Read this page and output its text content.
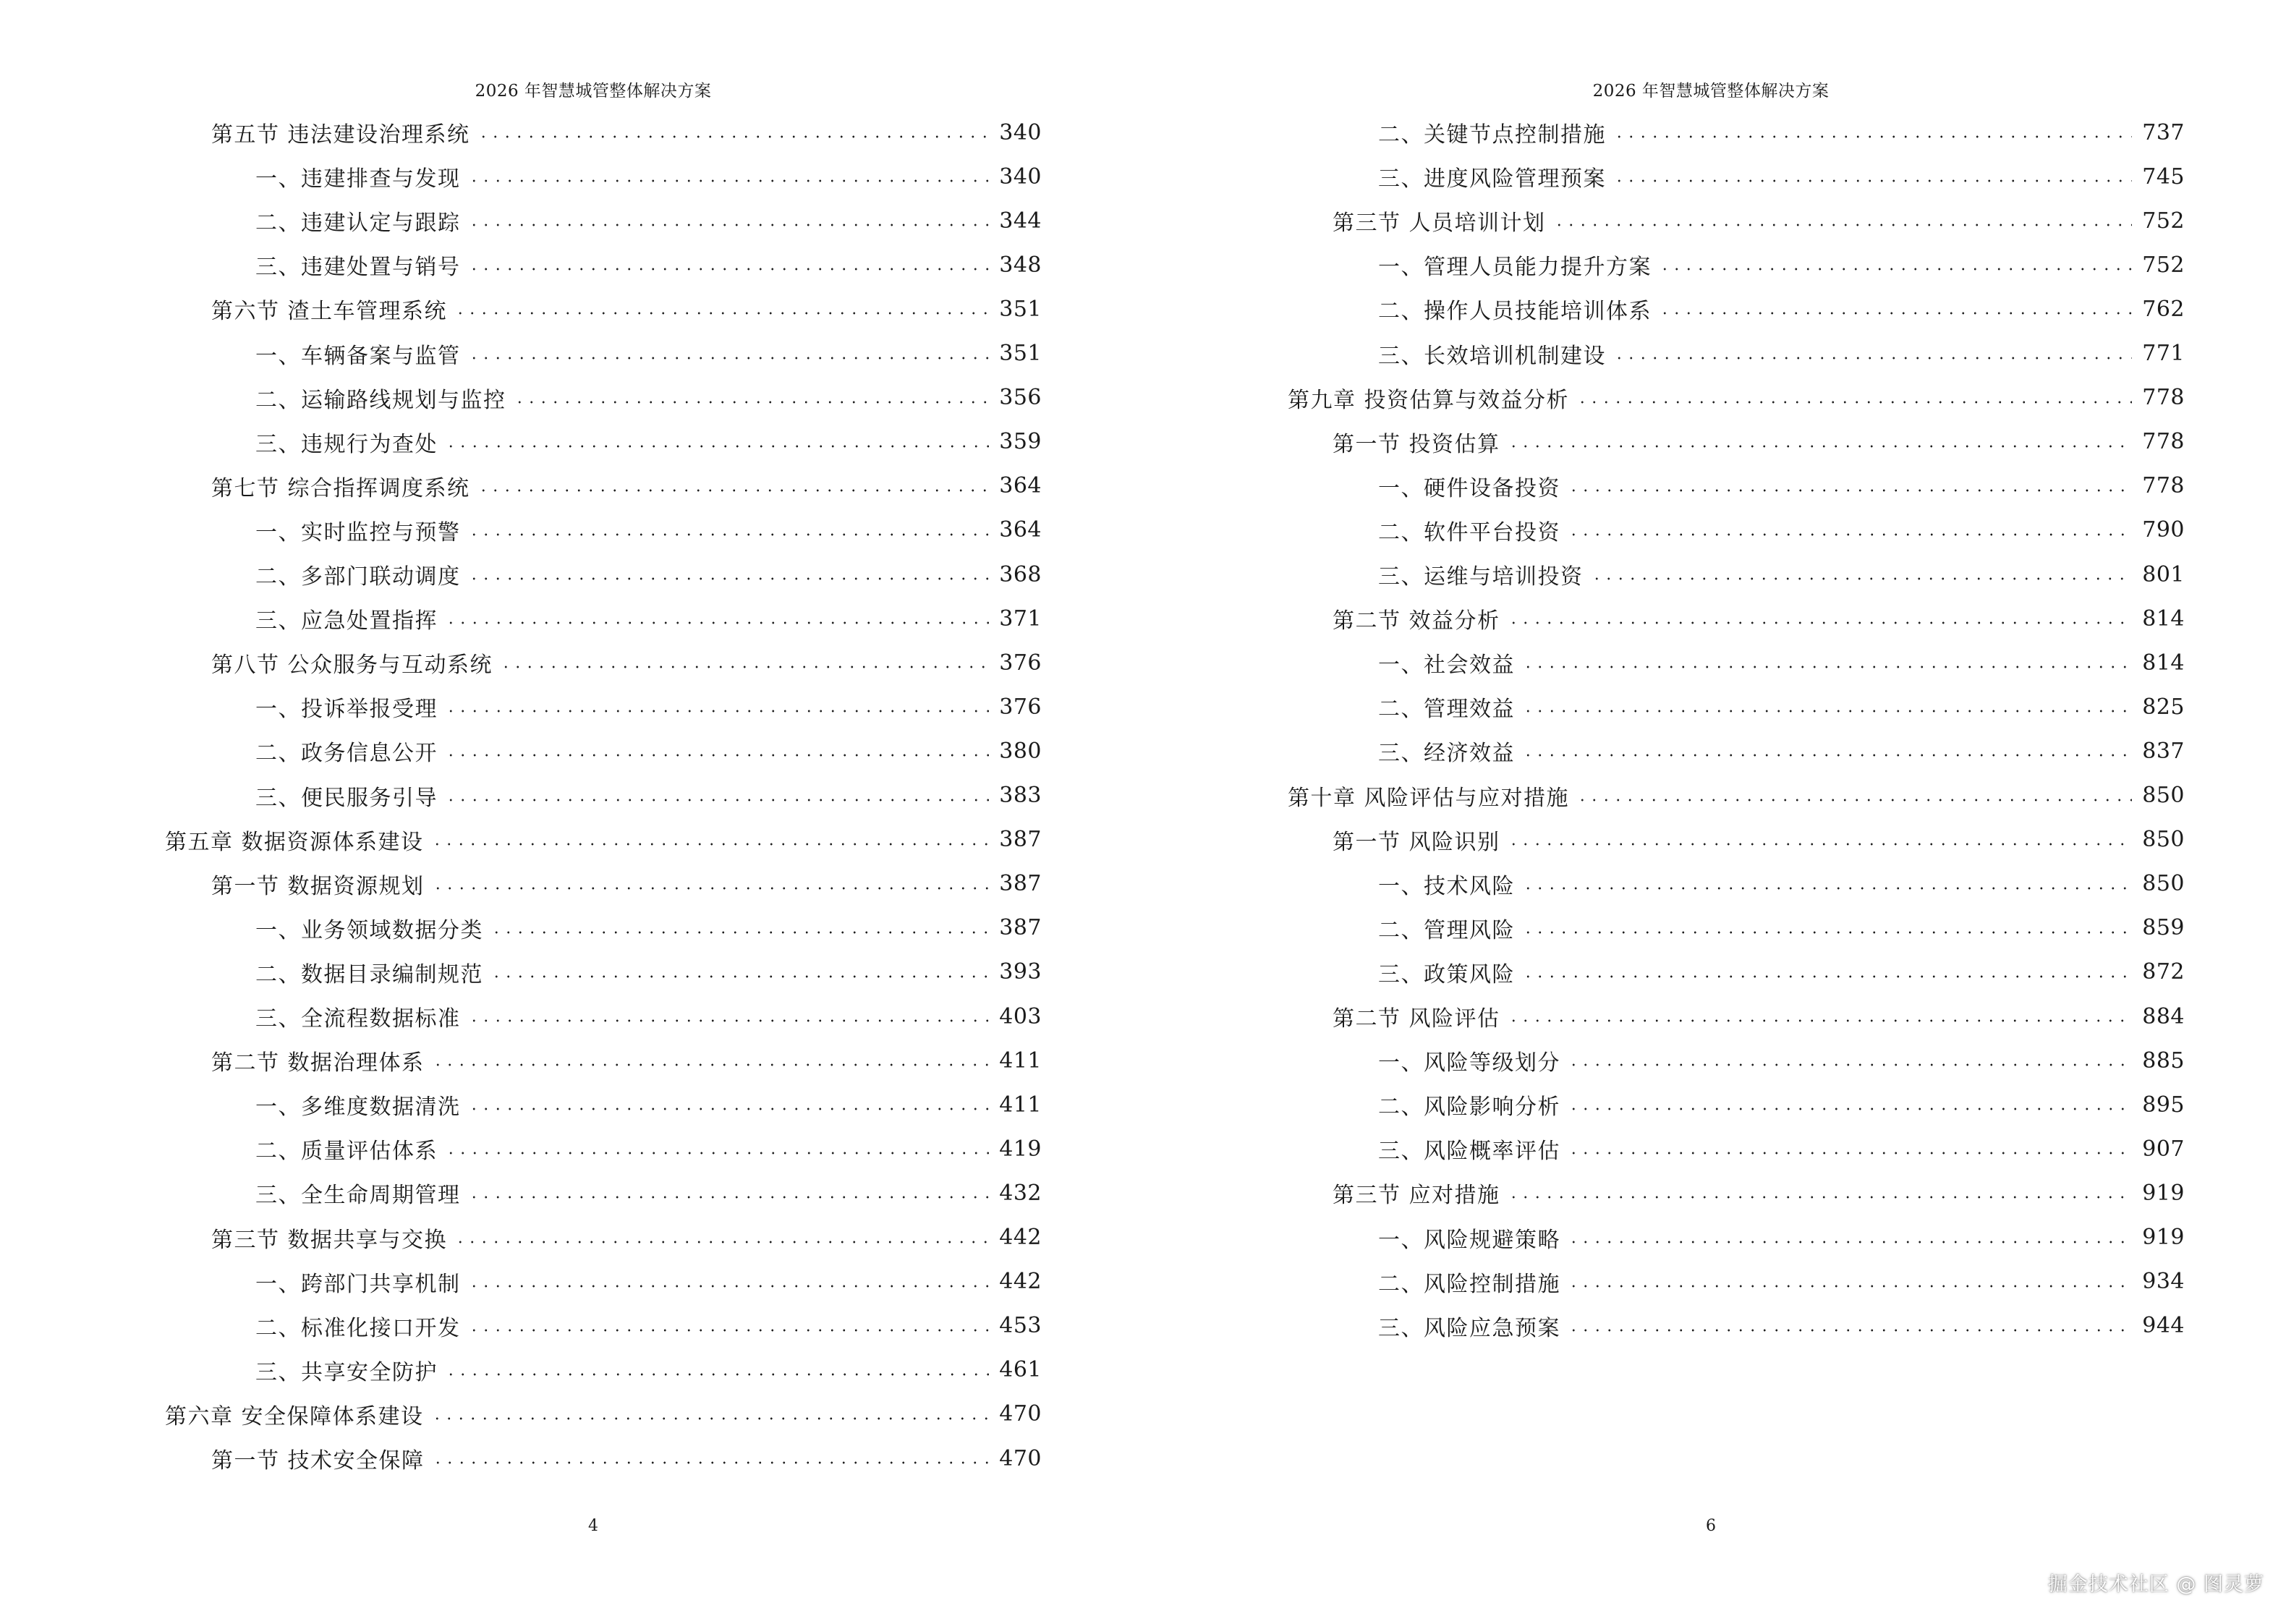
2026 年智慧城管整体解决方案
第五节 违法建设治理系统	340
一、违建排查与发现	340
二、违建认定与跟踪	344
三、违建处置与销号	348
第六节 渣土车管理系统	351
一、车辆备案与监管	351
二、运输路线规划与监控	356
三、违规行为查处	359
第七节 综合指挥调度系统	364
一、实时监控与预警	364
二、多部门联动调度	368
三、应急处置指挥	371
第八节 公众服务与互动系统	376
一、投诉举报受理	376
二、政务信息公开	380
三、便民服务引导	383
第五章 数据资源体系建设	387
第一节 数据资源规划	387
一、业务领域数据分类	387
二、数据目录编制规范	393
三、全流程数据标准	403
第二节 数据治理体系	411
一、多维度数据清洗	411
二、质量评估体系	419
三、全生命周期管理	432
第三节 数据共享与交换	442
一、跨部门共享机制	442
二、标准化接口开发	453
三、共享安全防护	461
第六章 安全保障体系建设	470
第一节 技术安全保障	470
4
2026 年智慧城管整体解决方案
二、关键节点控制措施	737
三、进度风险管理预案	745
第三节 人员培训计划	752
一、管理人员能力提升方案	752
二、操作人员技能培训体系	762
三、长效培训机制建设	771
第九章 投资估算与效益分析	778
第一节 投资估算	778
一、硬件设备投资	778
二、软件平台投资	790
三、运维与培训投资	801
第二节 效益分析	814
一、社会效益	814
二、管理效益	825
三、经济效益	837
第十章 风险评估与应对措施	850
第一节 风险识别	850
一、技术风险	850
二、管理风险	859
三、政策风险	872
第二节 风险评估	884
一、风险等级划分	885
二、风险影响分析	895
三、风险概率评估	907
第三节 应对措施	919
一、风险规避策略	919
二、风险控制措施	934
三、风险应急预案	944
6
掘金技术社区 @ 图灵萝
